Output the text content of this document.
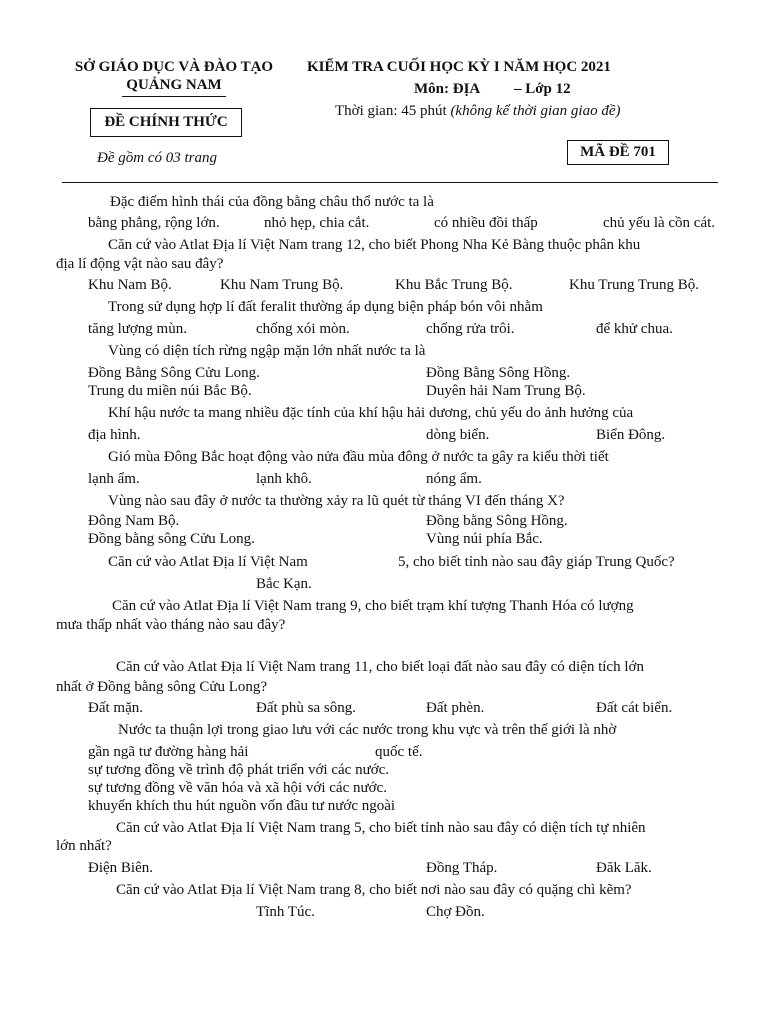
SỞ GIÁO DỤC VÀ ĐÀO TẠO
QUẢNG NAM
ĐỀ CHÍNH THỨC
Đề gồm có 03 trang
KIỂM TRA CUỐI HỌC KỲ I NĂM HỌC 2021
Môn: ĐỊA – Lớp 12
Thời gian: 45 phút (không kể thời gian giao đề)
MÃ ĐỀ 701
Đặc điểm hình thái của đồng bằng châu thổ nước ta là
bằng phẳng, rộng lớn.	nhỏ hẹp, chia cắt.	có nhiều đồi thấp	chủ yếu là cồn cát.
Căn cứ vào Atlat Địa lí Việt Nam trang 12, cho biết Phong Nha Kẻ Bàng thuộc phân khu
địa lí động vật nào sau đây?
Khu Nam Bộ.	Khu Nam Trung Bộ.	Khu Bắc Trung Bộ.	Khu Trung Trung Bộ.
Trong sử dụng hợp lí đất feralit thường áp dụng biện pháp bón vôi nhằm
tăng lượng mùn.	chống xói mòn.	chống rửa trôi.	để khử chua.
Vùng có diện tích rừng ngập mặn lớn nhất nước ta là
Đồng Bằng Sông Cửu Long.	Đồng Bằng Sông Hồng.
Trung du miền núi Bắc Bộ.	Duyên hải Nam Trung Bộ.
Khí hậu nước ta mang nhiều đặc tính của khí hậu hải dương, chủ yếu do ảnh hưởng của
địa hình.	dòng biển.	Biển Đông.
Gió mùa Đông Bắc hoạt động vào nửa đầu mùa đông ở nước ta gây ra kiểu thời tiết
lạnh ẩm.	lạnh khô.	nóng ẩm.
Vùng nào sau đây ở nước ta thường xảy ra lũ quét từ tháng VI đến tháng X?
Đông Nam Bộ.	Đồng bằng Sông Hồng.
Đồng bằng sông Cửu Long.	Vùng núi phía Bắc.
Căn cứ vào Atlat Địa lí Việt Nam	5, cho biết tỉnh nào sau đây giáp Trung Quốc?
Bắc Kạn.
Căn cứ vào Atlat Địa lí Việt Nam trang 9, cho biết trạm khí tượng Thanh Hóa có lượng
mưa thấp nhất vào tháng nào sau đây?
Căn cứ vào Atlat Địa lí Việt Nam trang 11, cho biết loại đất nào sau đây có diện tích lớn
nhất ở Đồng bằng sông Cửu Long?
Đất mặn.	Đất phù sa sông.	Đất phèn.	Đất cát biển.
Nước ta thuận lợi trong giao lưu với các nước trong khu vực và trên thế giới là nhờ
gần ngã tư đường hàng hải	quốc tế.
sự tương đồng về trình độ phát triển với các nước.
sự tương đồng về văn hóa và xã hội với các nước.
khuyến khích thu hút nguồn vốn đầu tư nước ngoài
Căn cứ vào Atlat Địa lí Việt Nam trang 5, cho biết tỉnh nào sau đây có diện tích tự nhiên
lớn nhất?
Điện Biên.	Đồng Tháp.	Đăk Lăk.
Căn cứ vào Atlat Địa lí Việt Nam trang 8, cho biết nơi nào sau đây có quặng chì kẽm?
Tĩnh Túc.	Chợ Đồn.
